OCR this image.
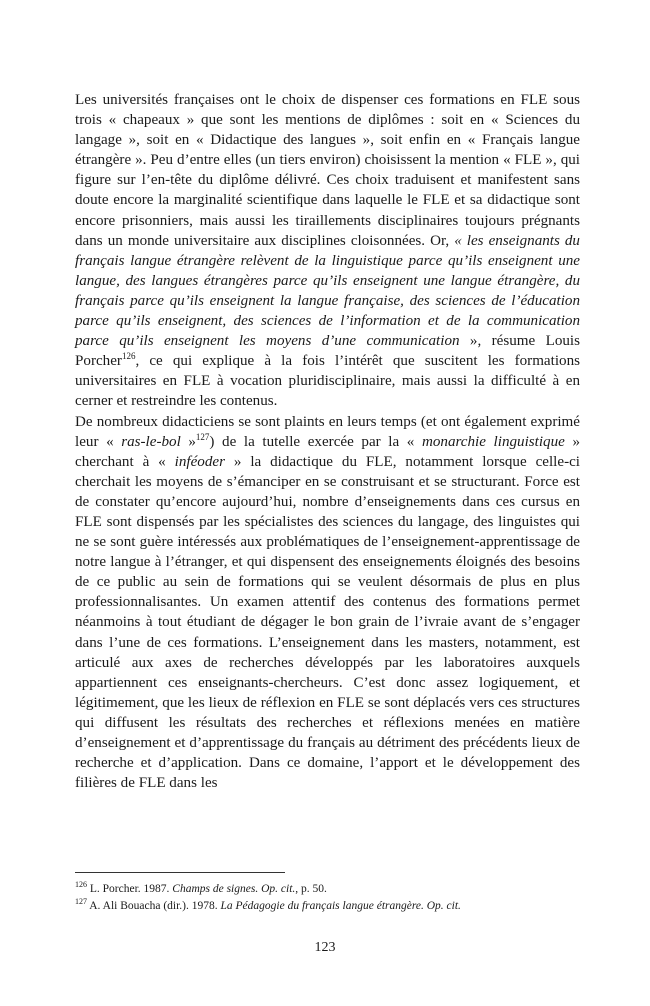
Les universités françaises ont le choix de dispenser ces formations en FLE sous trois « chapeaux » que sont les mentions de diplômes : soit en « Sciences du langage », soit en « Didactique des langues », soit enfin en « Français langue étrangère ». Peu d’entre elles (un tiers environ) choisissent la mention « FLE », qui figure sur l’en-tête du diplôme délivré. Ces choix traduisent et manifestent sans doute encore la marginalité scientifique dans laquelle le FLE et sa didactique sont encore prisonniers, mais aussi les tiraillements disciplinaires toujours prégnants dans un monde universitaire aux disciplines cloisonnées. Or, « les enseignants du français langue étrangère relèvent de la linguistique parce qu’ils enseignent une langue, des langues étrangères parce qu’ils enseignent une langue étrangère, du français parce qu’ils enseignent la langue française, des sciences de l’éducation parce qu’ils enseignent, des sciences de l’information et de la communication parce qu’ils enseignent les moyens d’une communication », résume Louis Porcher$^{126}$, ce qui explique à la fois l’intérêt que suscitent les formations universitaires en FLE à vocation pluridisciplinaire, mais aussi la difficulté à en cerner et restreindre les contenus.

De nombreux didacticiens se sont plaints en leurs temps (et ont également exprimé leur « ras-le-bol »$^{127}$) de la tutelle exercée par la « monarchie linguistique » cherchant à « inféoder » la didactique du FLE, notamment lorsque celle-ci cherchait les moyens de s’émanciper en se construisant et se structurant. Force est de constater qu’encore aujourd’hui, nombre d’enseignements dans ces cursus en FLE sont dispensés par les spécialistes des sciences du langage, des linguistes qui ne se sont guère intéressés aux problématiques de l’enseignement-apprentissage de notre langue à l’étranger, et qui dispensent des enseignements éloignés des besoins de ce public au sein de formations qui se veulent désormais de plus en plus professionnalisantes. Un examen attentif des contenus des formations permet néanmoins à tout étudiant de dégager le bon grain de l’ivraie avant de s’engager dans l’une de ces formations. L’enseignement dans les masters, notamment, est articulé aux axes de recherches développés par les laboratoires auxquels appartiennent ces enseignants-chercheurs. C’est donc assez logiquement, et légitimement, que les lieux de réflexion en FLE se sont déplacés vers ces structures qui diffusent les résultats des recherches et réflexions menées en matière d’enseignement et d’apprentissage du français au détriment des précédents lieux de recherche et d’application. Dans ce domaine, l’apport et le développement des filières de FLE dans les

$^{126}$ L. Porcher. 1987. Champs de signes. Op. cit., p. 50.
$^{127}$ A. Ali Bouacha (dir.). 1978. La Pédagogie du français langue étrangère. Op. cit.
123
